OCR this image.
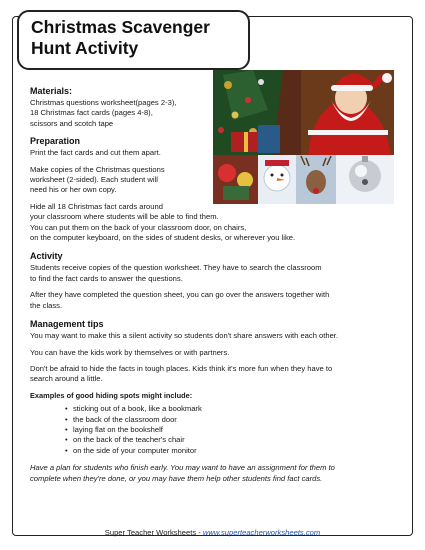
Christmas Scavenger
Hunt Activity
Materials:

Christmas questions worksheet(pages 2-3),
18 Christmas fact cards (pages 4-8),
scissors and scotch tape

Preparation

Print the fact cards and cut them apart.

Make copies of the Christmas questions
worksheet (2-sided). Each student will
need his or her own copy.

Hide all 18 Christmas fact cards around
your classroom where students will be able to find them.
You can put them on the back of your classroom door, on chairs,
on the computer keyboard, on the sides of student desks, or wherever you like.

Activity

Students receive copies of the question worksheet. They have to search the classroom
to find the fact cards to answer the questions.

After they have completed the question sheet, you can go over the answers together with
the class.

Management tips

You may want to make this a silent activity so students don't share answers with each other.

You can have the kids work by themselves or with partners.

Don't be afraid to hide the facts in tough places. Kids think it's more fun when they have to
search around a little.

Examples of good hiding spots might include:
• sticking out of a book, like a bookmark
• the back of the classroom door
• laying flat on the bookshelf
• on the back of the teacher's chair
• on the side of your computer monitor

Have a plan for students who finish early. You may want to have an assignment for them to
complete when they're done, or you may have them help other students find fact cards.

Super Teacher Worksheets - www.superteacherworksheets.com
